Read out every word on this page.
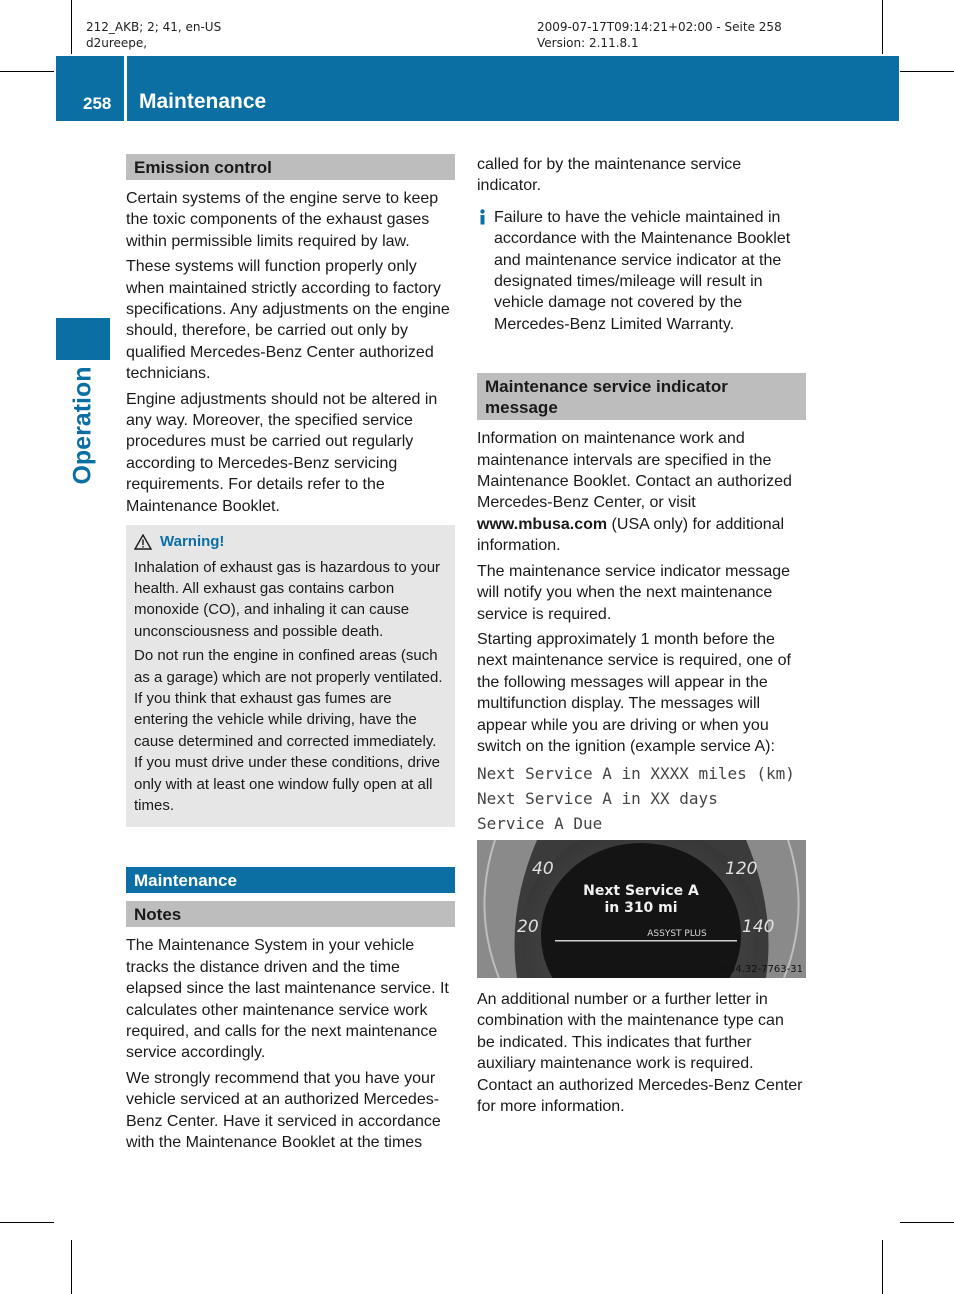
212_AKB; 2; 41, en-US
d2ureepe,
2009-07-17T09:14:21+02:00 - Seite 258
Version: 2.11.8.1
258 Maintenance
Operation
Emission control

Certain systems of the engine serve to keep the toxic components of the exhaust gases within permissible limits required by law.

These systems will function properly only when maintained strictly according to factory specifications. Any adjustments on the engine should, therefore, be carried out only by qualified Mercedes-Benz Center authorized technicians.

Engine adjustments should not be altered in any way. Moreover, the specified service procedures must be carried out regularly according to Mercedes-Benz servicing requirements. For details refer to the Maintenance Booklet.

Warning!

Inhalation of exhaust gas is hazardous to your health. All exhaust gas contains carbon monoxide (CO), and inhaling it can cause unconsciousness and possible death.

Do not run the engine in confined areas (such as a garage) which are not properly ventilated. If you think that exhaust gas fumes are entering the vehicle while driving, have the cause determined and corrected immediately. If you must drive under these conditions, drive only with at least one window fully open at all times.

Maintenance
Notes

The Maintenance System in your vehicle tracks the distance driven and the time elapsed since the last maintenance service. It calculates other maintenance service work required, and calls for the next maintenance service accordingly.

We strongly recommend that you have your vehicle serviced at an authorized Mercedes-Benz Center. Have it serviced in accordance with the Maintenance Booklet at the times

called for by the maintenance service indicator.

Failure to have the vehicle maintained in accordance with the Maintenance Booklet and maintenance service indicator at the designated times/mileage will result in vehicle damage not covered by the Mercedes-Benz Limited Warranty.

Maintenance service indicator message

Information on maintenance work and maintenance intervals are specified in the Maintenance Booklet. Contact an authorized Mercedes-Benz Center, or visit www.mbusa.com (USA only) for additional information.

The maintenance service indicator message will notify you when the next maintenance service is required.

Starting approximately 1 month before the next maintenance service is required, one of the following messages will appear in the multifunction display. The messages will appear while you are driving or when you switch on the ignition (example service A):

Next Service A in XXXX miles (km)
Next Service A in XX days
Service A Due
40
20
120
140
Next Service A
in 310 mi
ASSYST PLUS
P54.32-7763-31

An additional number or a further letter in combination with the maintenance type can be indicated. This indicates that further auxiliary maintenance work is required. Contact an authorized Mercedes-Benz Center for more information.
